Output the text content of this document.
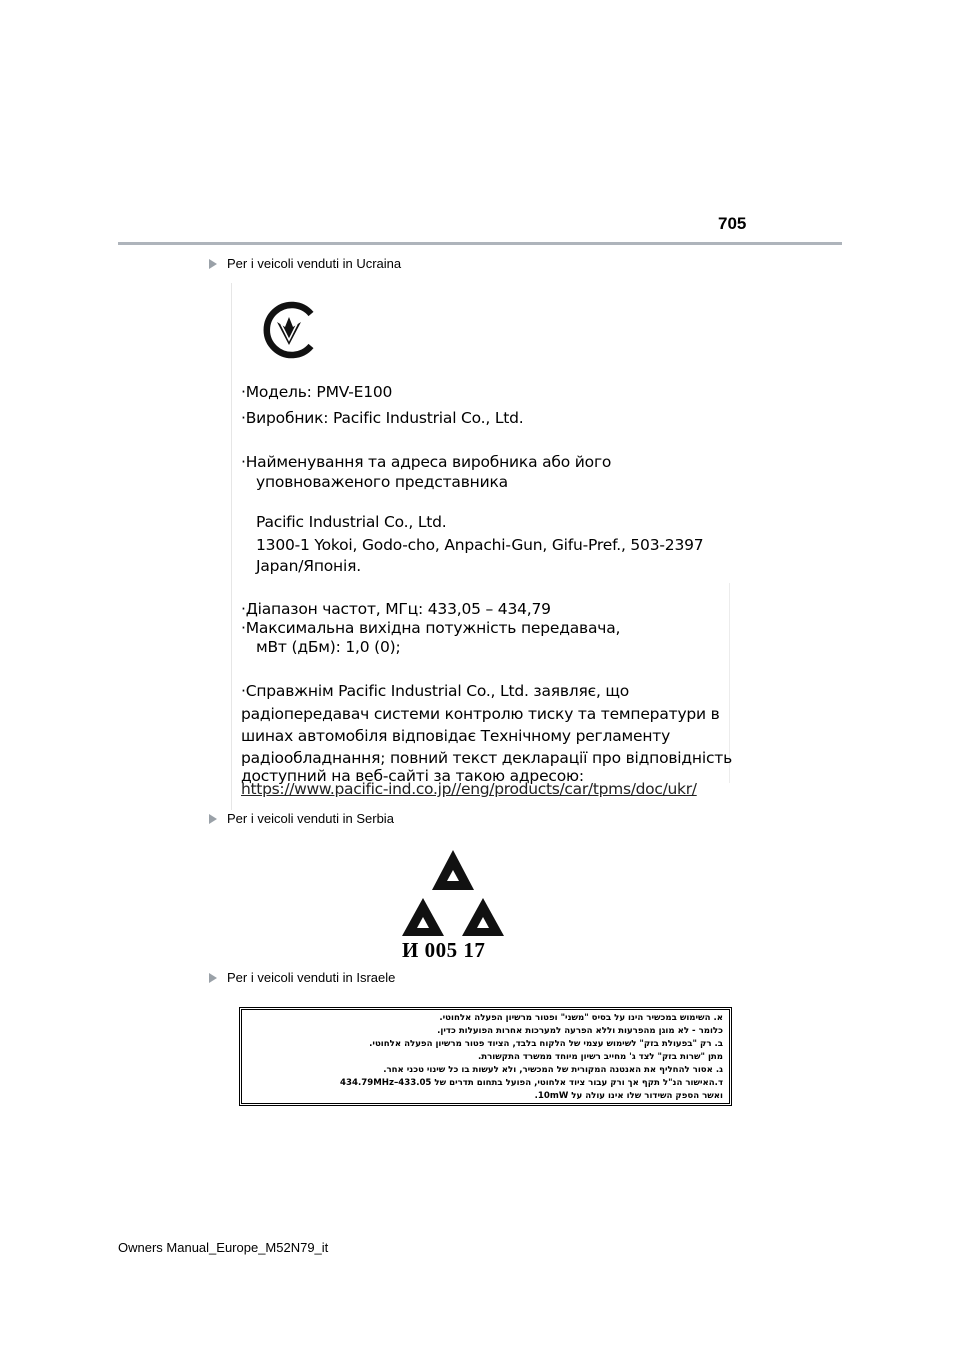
705
Per i veicoli venduti in Ucraina
·Модель: PMV-E100
·Виробник: Pacific Industrial Co., Ltd.
·Найменування та адреса виробника або його
уповноваженого представника
Pacific Industrial Co., Ltd.
1300-1 Yokoi, Godo-cho, Anpachi-Gun, Gifu-Pref., 503-2397
Japan/Японія.
·Діапазон частот, МГц: 433,05 – 434,79
·Максимальна вихідна потужність передавача,
мВт (дБм): 1,0 (0);
·Справжнім Pacific Industrial Co., Ltd. заявляє, що
радіопередавач системи контролю тиску та температури в
шинах автомобіля відповідає Технічному регламенту
радіообладнання; повний текст декларації про відповідність
доступний на веб-сайті за такою адресою:
https://www.pacific-ind.co.jp//eng/products/car/tpms/doc/ukr/
Per i veicoli venduti in Serbia
И 005 17
Per i veicoli venduti in Israele
א. השימוש במכשיר הינו על בסיס "משני" ופטור מרשיון הפעלה אלחוטי.
כלומר - לא מוגן מהפרעות וללא הפרעה למערכות אחרות הפועלות כדין.
ב. רק "בפעולת בזק" לשימוש עצמי של הלקוח בלבד, הציוד פטור מרשיון הפעלה אלחוטי.
מתן "שרות בזק" לצד ג' מחייב רשיון מיוחד ממשרד התקשורת.
ג. אסור להחליף את האנטנה המקורית של המכשיר, ולא לעשות בו כל שינוי טכני אחר.
ד.האישור הנ"ל תקף אך ורק עבור ציוד אלחוטי, הפועל בתחום תדרים של 433.05–434.79MHz
ואשר הספק השידור שלו אינו עולה על 10mW.
Owners Manual_Europe_M52N79_it
